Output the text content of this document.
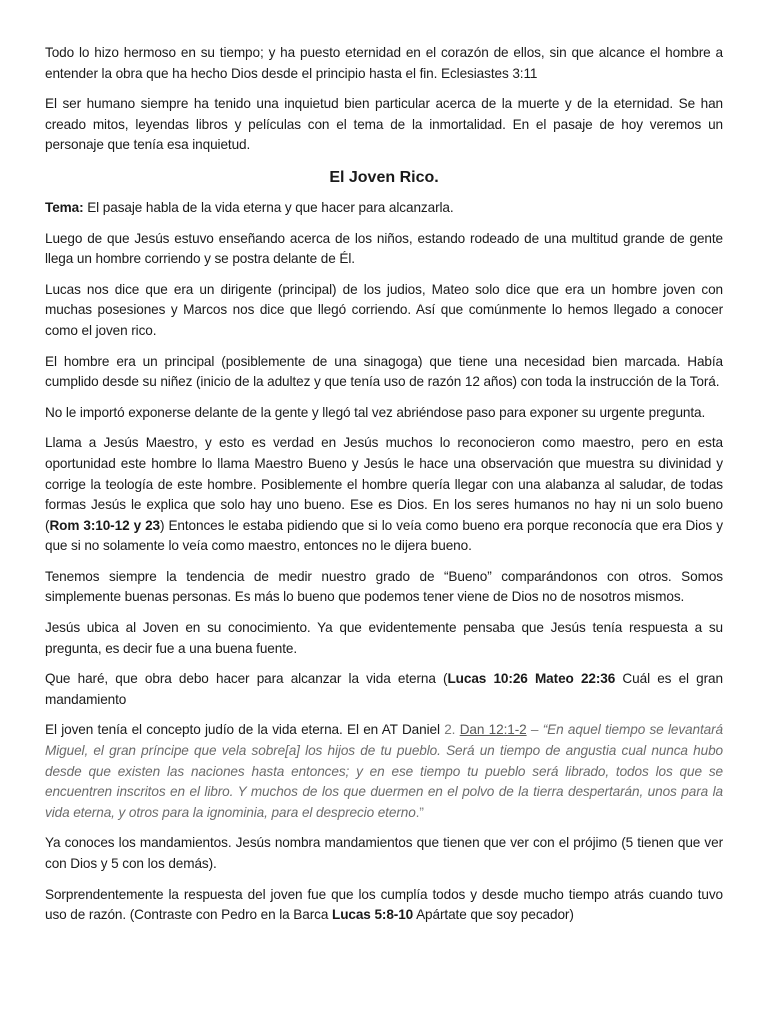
Todo lo hizo hermoso en su tiempo; y ha puesto eternidad en el corazón de ellos, sin que alcance el hombre a entender la obra que ha hecho Dios desde el principio hasta el fin. Eclesiastes 3:11

El ser humano siempre ha tenido una inquietud bien particular acerca de la muerte y de la eternidad. Se han creado mitos, leyendas libros y películas con el tema de la inmortalidad. En el pasaje de hoy veremos un personaje que tenía esa inquietud.

El Joven Rico.

Tema: El pasaje habla de la vida eterna y que hacer para alcanzarla.

Luego de que Jesús estuvo enseñando acerca de los niños, estando rodeado de una multitud grande de gente llega un hombre corriendo y se postra delante de Él.

Lucas nos dice que era un dirigente (principal) de los judios, Mateo solo dice que era un hombre joven con muchas posesiones y Marcos nos dice que llegó corriendo. Así que comúnmente lo hemos llegado a conocer como el joven rico.

El hombre era un principal (posiblemente de una sinagoga) que tiene una necesidad bien marcada. Había cumplido desde su niñez (inicio de la adultez y que tenía uso de razón 12 años) con toda la instrucción de la Torá.

No le importó exponerse delante de la gente y llegó tal vez abriéndose paso para exponer su urgente pregunta.

Llama a Jesús Maestro, y esto es verdad en Jesús muchos lo reconocieron como maestro, pero en esta oportunidad este hombre lo llama Maestro Bueno y Jesús le hace una observación que muestra su divinidad y corrige la teología de este hombre. Posiblemente el hombre quería llegar con una alabanza al saludar, de todas formas Jesús le explica que solo hay uno bueno. Ese es Dios. En los seres humanos no hay ni un solo bueno (Rom 3:10-12 y 23) Entonces le estaba pidiendo que si lo veía como bueno era porque reconocía que era Dios y que si no solamente lo veía como maestro, entonces no le dijera bueno.

Tenemos siempre la tendencia de medir nuestro grado de “Bueno” comparándonos con otros. Somos simplemente buenas personas. Es más lo bueno que podemos tener viene de Dios no de nosotros mismos.

Jesús ubica al Joven en su conocimiento. Ya que evidentemente pensaba que Jesús tenía respuesta a su pregunta, es decir fue a una buena fuente.

Que haré, que obra debo hacer para alcanzar la vida eterna (Lucas 10:26 Mateo 22:36 Cuál es el gran mandamiento

El joven tenía el concepto judío de la vida eterna. El en AT Daniel 2. Dan 12:1-2 – “En aquel tiempo se levantará Miguel, el gran príncipe que vela sobre[a] los hijos de tu pueblo. Será un tiempo de angustia cual nunca hubo desde que existen las naciones hasta entonces; y en ese tiempo tu pueblo será librado, todos los que se encuentren inscritos en el libro. Y muchos de los que duermen en el polvo de la tierra despertarán, unos para la vida eterna, y otros para la ignominia, para el desprecio eterno.”

Ya conoces los mandamientos. Jesús nombra mandamientos que tienen que ver con el prójimo (5 tienen que ver con Dios y 5 con los demás).

Sorprendentemente la respuesta del joven fue que los cumplía todos y desde mucho tiempo atrás cuando tuvo uso de razón. (Contraste con Pedro en la Barca Lucas 5:8-10 Apártate que soy pecador)
